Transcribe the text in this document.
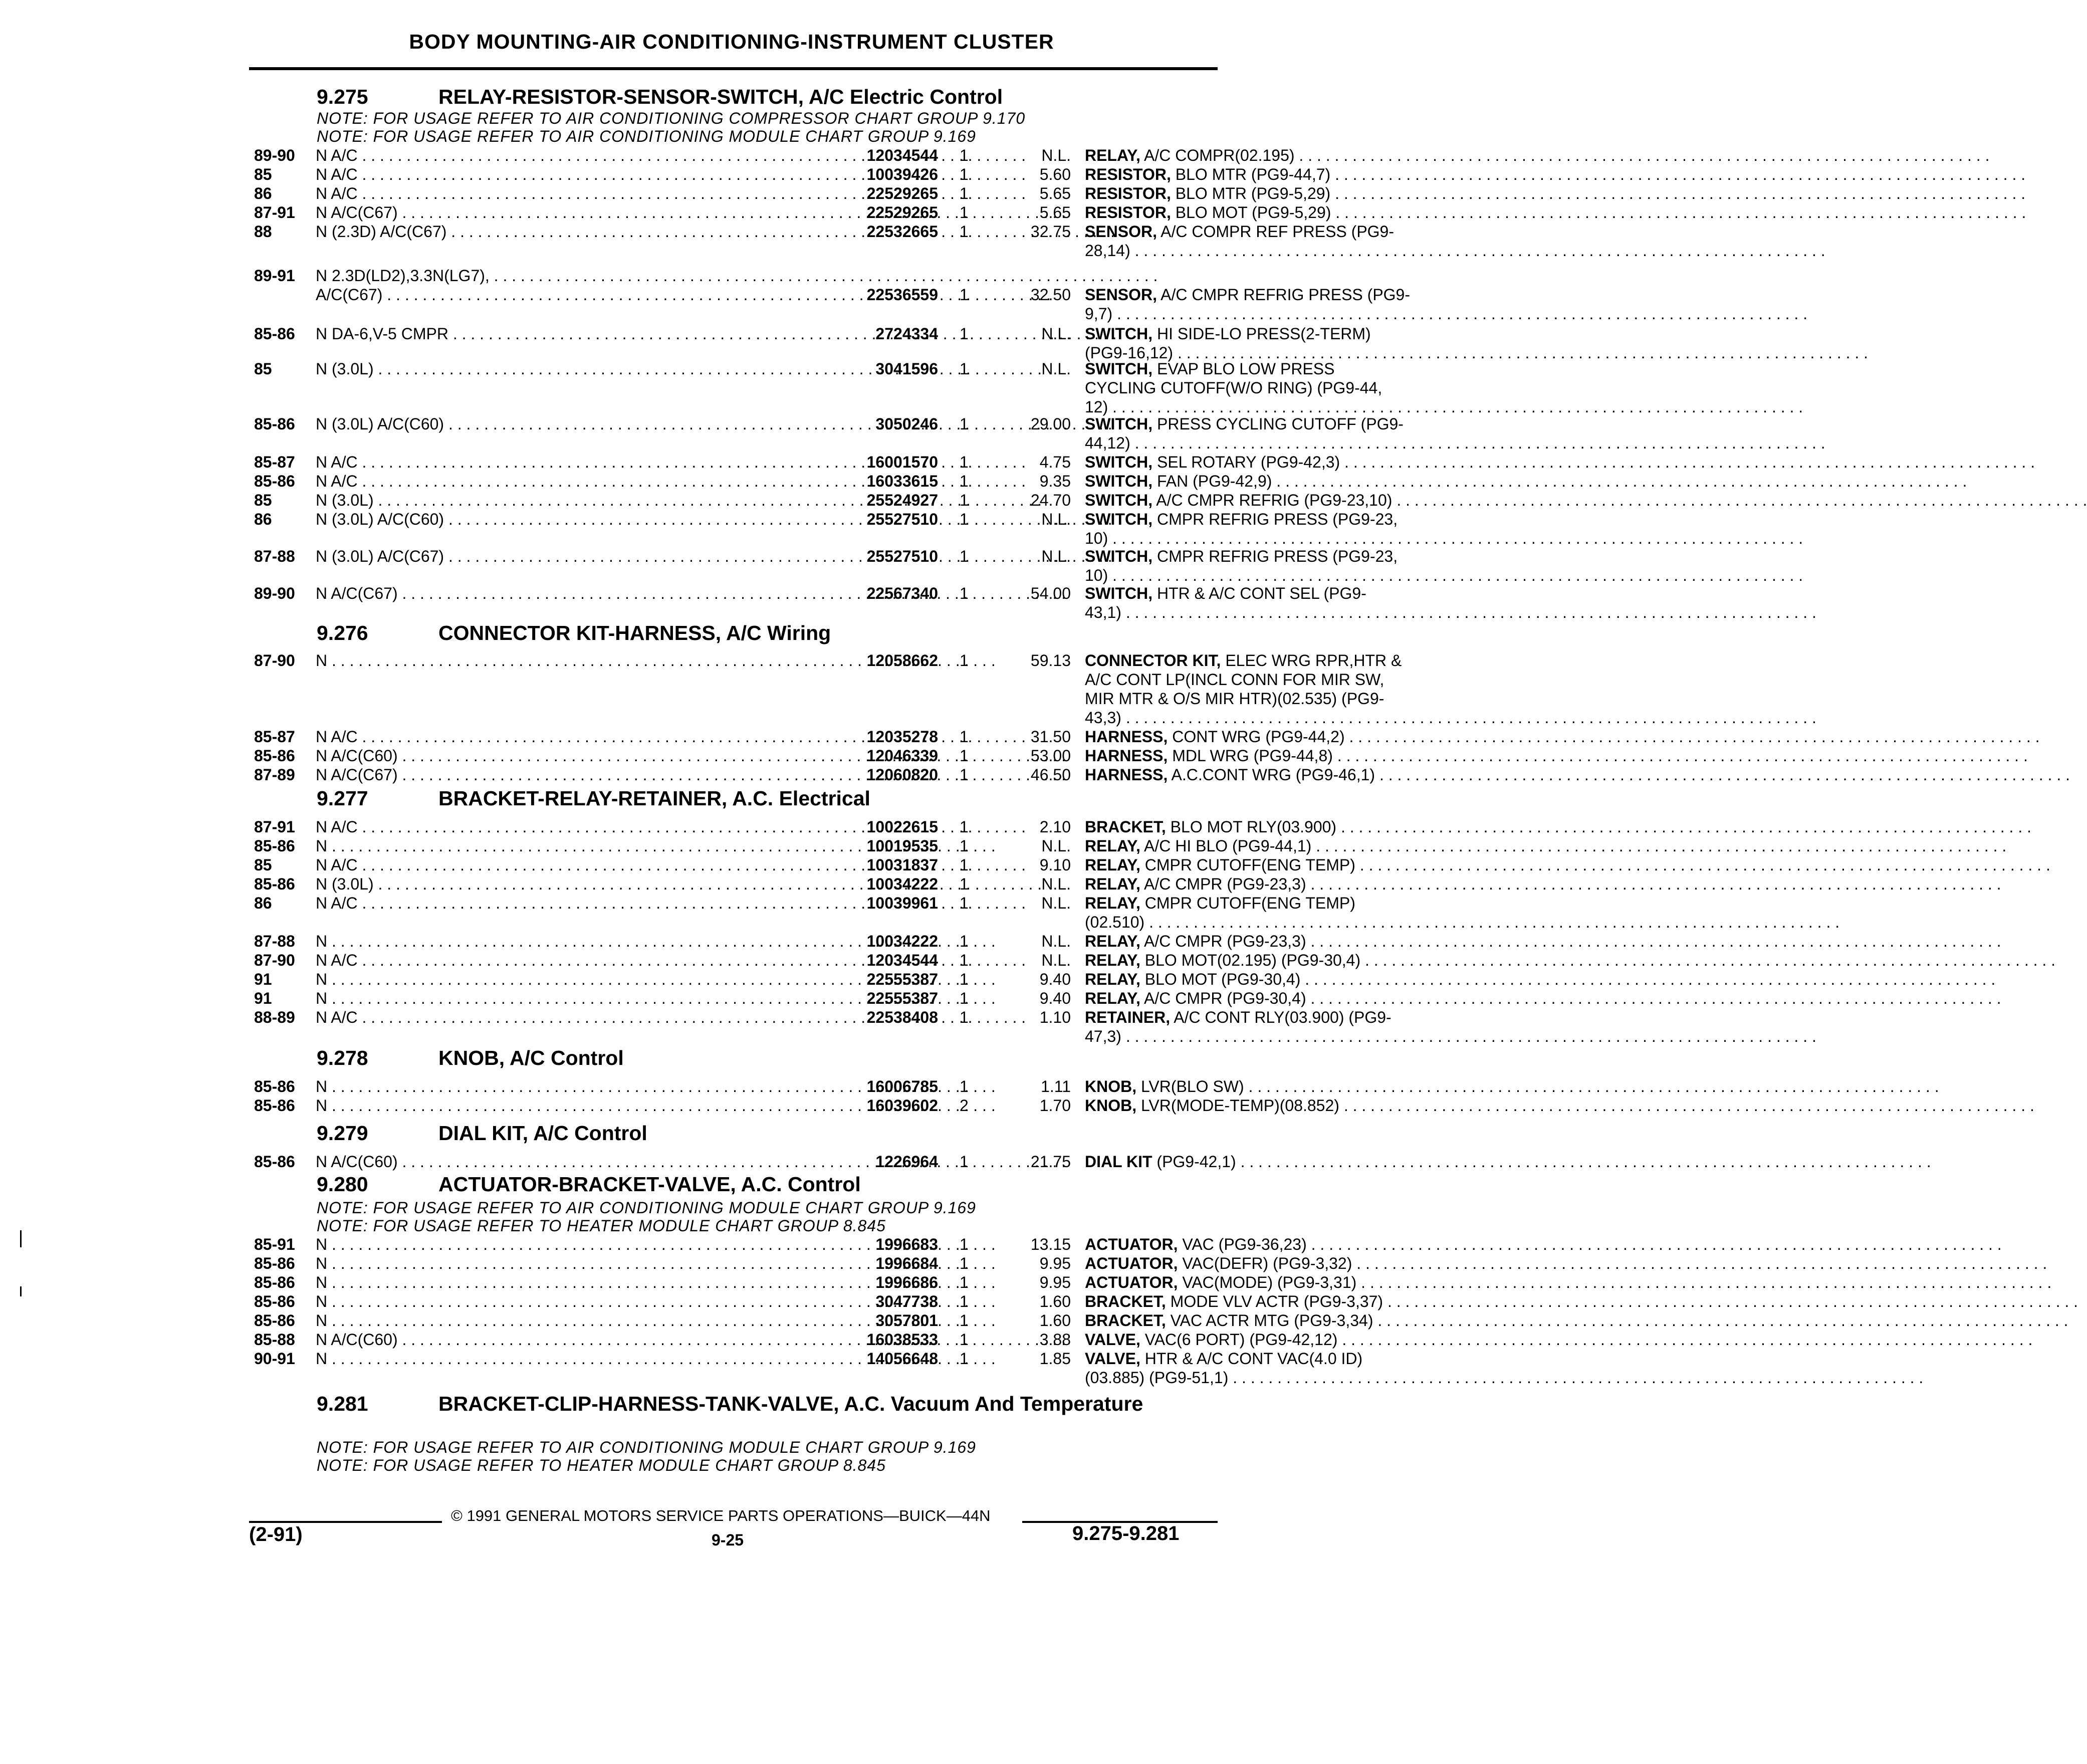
BODY MOUNTING-AIR CONDITIONING-INSTRUMENT CLUSTER
9.275	RELAY-RESISTOR-SENSOR-SWITCH, A/C Electric Control
NOTE: FOR USAGE REFER TO AIR CONDITIONING COMPRESSOR CHART GROUP 9.170
NOTE: FOR USAGE REFER TO AIR CONDITIONING MODULE CHART GROUP 9.169
89-90 N A/C . . .	12034544 1	N.L. RELAY, A/C COMPR(02.195) . . .
85	N A/C . . .	10039426 1	5.60 RESISTOR, BLO MTR (PG9-44,7) . . .
86	N A/C . . .	22529265 1	5.65 RESISTOR, BLO MTR (PG9-5,29) . . .
87-91 N A/C(C67) . . .	22529265 1	5.65 RESISTOR, BLO MOT (PG9-5,29) . . .
88	N (2.3D) A/C(C67) . . .	22532665 1	32.75 SENSOR, A/C COMPR REF PRESS (PG9-
28,14) . . .
89-91 N 2.3D(LD2),3.3N(LG7), . . .
A/C(C67) . . .	22536559 1	32.50 SENSOR, A/C CMPR REFRIG PRESS (PG9-
9,7) . . .
85-86 N DA-6,V-5 CMPR . . .	2724334 1	N.L. SWITCH, HI SIDE-LO PRESS(2-TERM)
(PG9-16,12) . . .
85	N (3.0L) . . .	3041596 1	N.L. SWITCH, EVAP BLO LOW PRESS
CYCLING CUTOFF(W/O RING) (PG9-44,
12) . . .
85-86 N (3.0L) A/C(C60) . . .	3050246 1	29.00 SWITCH, PRESS CYCLING CUTOFF (PG9-
44,12) . . .
85-87 N A/C . . .	16001570 1	4.75 SWITCH, SEL ROTARY (PG9-42,3) . . .
85-86 N A/C . . .	16033615 1	9.35 SWITCH, FAN (PG9-42,9) . . .
85	N (3.0L) . . .	25524927 1	24.70 SWITCH, A/C CMPR REFRIG (PG9-23,10) . . .
86	N (3.0L) A/C(C60) . . .	25527510 1	N.L. SWITCH, CMPR REFRIG PRESS (PG9-23,
10) . . .
87-88 N (3.0L) A/C(C67) . . .	25527510 1	N.L. SWITCH, CMPR REFRIG PRESS (PG9-23,
10) . . .
89-90 N A/C(C67) . . .	22567340 1	54.00 SWITCH, HTR & A/C CONT SEL (PG9-
43,1) . . .
9.276	CONNECTOR KIT-HARNESS, A/C Wiring
87-90 N . . .	12058662 1	59.13 CONNECTOR KIT, ELEC WRG RPR,HTR &
A/C CONT LP(INCL CONN FOR MIR SW,
MIR MTR & O/S MIR HTR)(02.535) (PG9-
43,3) . . .
85-87 N A/C . . .	12035278 1	31.50 HARNESS, CONT WRG (PG9-44,2) . . .
85-86 N A/C(C60) . . .	12046339 1	53.00 HARNESS, MDL WRG (PG9-44,8) . . .
87-89 N A/C(C67) . . .	12060820 1	46.50 HARNESS, A.C.CONT WRG (PG9-46,1) . . .
9.277	BRACKET-RELAY-RETAINER, A.C. Electrical
87-91 N A/C . . .	10022615 1	2.10 BRACKET, BLO MOT RLY(03.900) . . .
85-86 N . . .	10019535 1	N.L. RELAY, A/C HI BLO (PG9-44,1) . . .
85	N A/C . . .	10031837 1	9.10 RELAY, CMPR CUTOFF(ENG TEMP) . . .
85-86 N (3.0L) . . .	10034222 1	N.L. RELAY, A/C CMPR (PG9-23,3) . . .
86	N A/C . . .	10039961 1	N.L. RELAY, CMPR CUTOFF(ENG TEMP)
(02.510) . . .
87-88 N . . .	10034222 1	N.L. RELAY, A/C CMPR (PG9-23,3) . . .
87-90 N A/C . . .	12034544 1	N.L. RELAY, BLO MOT(02.195) (PG9-30,4) . . .
91	N . . .	22555387 1	9.40 RELAY, BLO MOT (PG9-30,4) . . .
91	N . . .	22555387 1	9.40 RELAY, A/C CMPR (PG9-30,4) . . .
88-89 N A/C . . .	22538408 1	1.10 RETAINER, A/C CONT RLY(03.900) (PG9-
47,3) . . .
9.278	KNOB, A/C Control
85-86 N . . .	16006785 1	1.11 KNOB, LVR(BLO SW) . . .
85-86 N . . .	16039602 2	1.70 KNOB, LVR(MODE-TEMP)(08.852) . . .
9.279	DIAL KIT, A/C Control
85-86 N A/C(C60) . . .	1226964 1	21.75 DIAL KIT (PG9-42,1) . . .
9.280	ACTUATOR-BRACKET-VALVE, A.C. Control
NOTE: FOR USAGE REFER TO AIR CONDITIONING MODULE CHART GROUP 9.169
NOTE: FOR USAGE REFER TO HEATER MODULE CHART GROUP 8.845
85-91 N . . .	1996683 1	13.15 ACTUATOR, VAC (PG9-36,23) . . .
85-86 N . . .	1996684 1	9.95 ACTUATOR, VAC(DEFR) (PG9-3,32) . . .
85-86 N . . .	1996686 1	9.95 ACTUATOR, VAC(MODE) (PG9-3,31) . . .
85-86 N . . .	3047738 1	1.60 BRACKET, MODE VLV ACTR (PG9-3,37) . . .
85-86 N . . .	3057801 1	1.60 BRACKET, VAC ACTR MTG (PG9-3,34) . . .
85-88 N A/C(C60) . . .	16038533 1	3.88 VALVE, VAC(6 PORT) (PG9-42,12) . . .
90-91 N . . .	14056648 1	1.85 VALVE, HTR & A/C CONT VAC(4.0 ID)
(03.885) (PG9-51,1) . . .
9.281	BRACKET-CLIP-HARNESS-TANK-VALVE, A.C. Vacuum And Temperature
NOTE: FOR USAGE REFER TO AIR CONDITIONING MODULE CHART GROUP 9.169
NOTE: FOR USAGE REFER TO HEATER MODULE CHART GROUP 8.845
© 1991 GENERAL MOTORS SERVICE PARTS OPERATIONS—BUICK—44N
(2-91)	9-25	9.275-9.281
